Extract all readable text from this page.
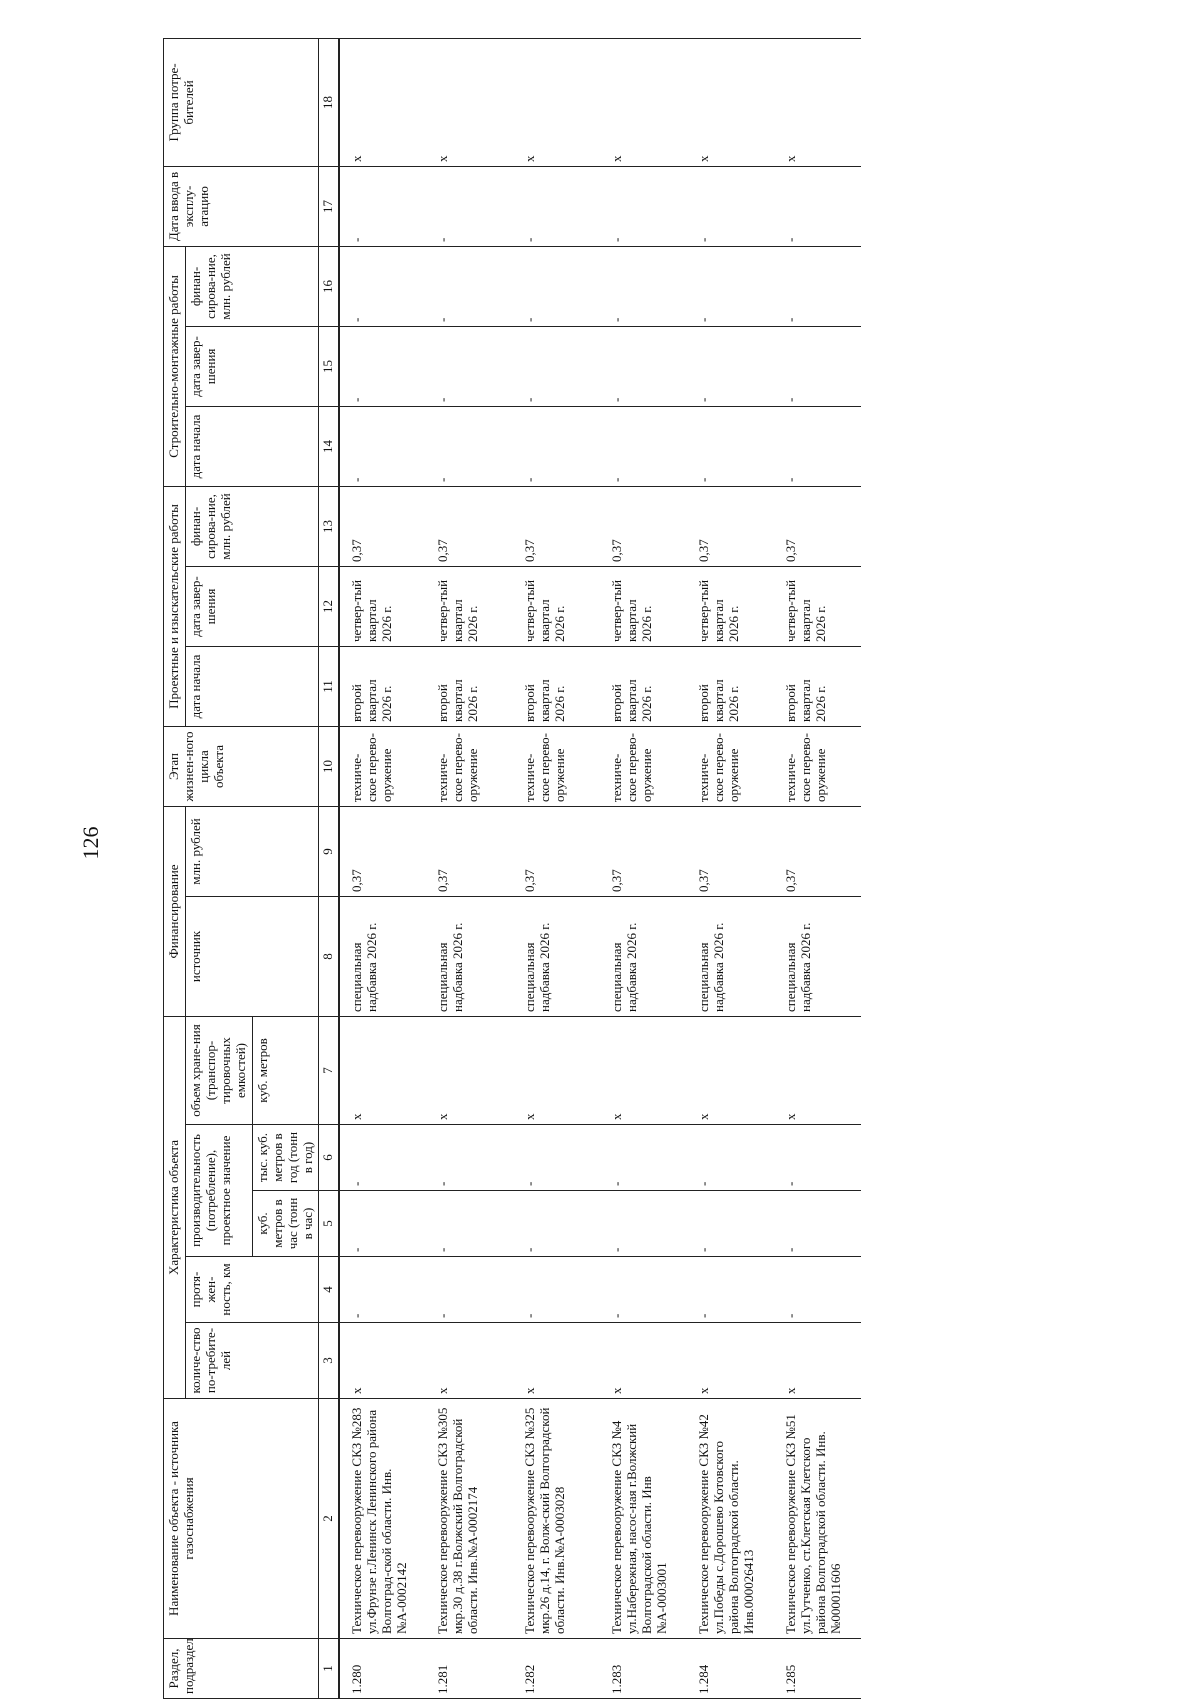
126
Раздел, подраздел	Наименование объекта - источника газоснабжения	Характеристика объекта					Финансирование		Этап жизнен-ного цикла объекта	Проектные и изыскательские работы			Строительно-монтажные работы			Дата ввода в эксплу-атацию	Группа потре-бителей
		количе-ство по-требите-лей	протя-жен-ность, км	производительность (потребление), проектное значение		объем хране-ния (транспор-тировочных емкостей)	источник	млн. рублей		дата начала	дата завер-шения	финан-сирова-ние, млн. рублей	дата начала	дата завер-шения	финан-сирова-ние, млн. рублей		
				куб. метров в час (тонн в час)	тыс. куб. метров в год (тонн в год)	куб. метров											
1	2	3	4	5	6	7	8	9	10	11	12	13	14	15	16	17	18
1.280	Техническое перевооружение СКЗ №283 ул.Фрунзе г.Ленинск Ленинского района Волгоград-ской области. Инв.№А-0002142	х	-	-	-	х	специальная надбавка 2026 г.	0,37	техниче-ское перево-оружение	второй квартал 2026 г.	четвер-тый квартал 2026 г.	0,37	-	-	-	-	х
1.281	Техническое перевооружение СКЗ №305 мкр.30 д.38 г.Волжский Волгоградской области. Инв.№А-0002174	х	-	-	-	х	специальная надбавка 2026 г.	0,37	техниче-ское перево-оружение	второй квартал 2026 г.	четвер-тый квартал 2026 г.	0,37	-	-	-	-	х
1.282	Техническое перевооружение СКЗ №325 мкр.26 д.14, г. Волж-ский Волгоградской области. Инв.№А-0003028	х	-	-	-	х	специальная надбавка 2026 г.	0,37	техниче-ское перево-оружение	второй квартал 2026 г.	четвер-тый квартал 2026 г.	0,37	-	-	-	-	х
1.283	Техническое перевооружение СКЗ №4 ул.Набережная, насос-ная г.Волжский Волгоградской области. Инв №А-0003001	х	-	-	-	х	специальная надбавка 2026 г.	0,37	техниче-ское перево-оружение	второй квартал 2026 г.	четвер-тый квартал 2026 г.	0,37	-	-	-	-	х
1.284	Техническое перевооружение СКЗ №42 ул.Победы с.Дорошево Котовского района Волгоградской области. Инв.000026413	х	-	-	-	х	специальная надбавка 2026 г.	0,37	техниче-ское перево-оружение	второй квартал 2026 г.	четвер-тый квартал 2026 г.	0,37	-	-	-	-	х
1.285	Техническое перевооружение СКЗ №51 ул.Гутченко, ст.Клетская Клетского района Волгоградской области. Инв.№000011606	х	-	-	-	х	специальная надбавка 2026 г.	0,37	техниче-ское перево-оружение	второй квартал 2026 г.	четвер-тый квартал 2026 г.	0,37	-	-	-	-	х
